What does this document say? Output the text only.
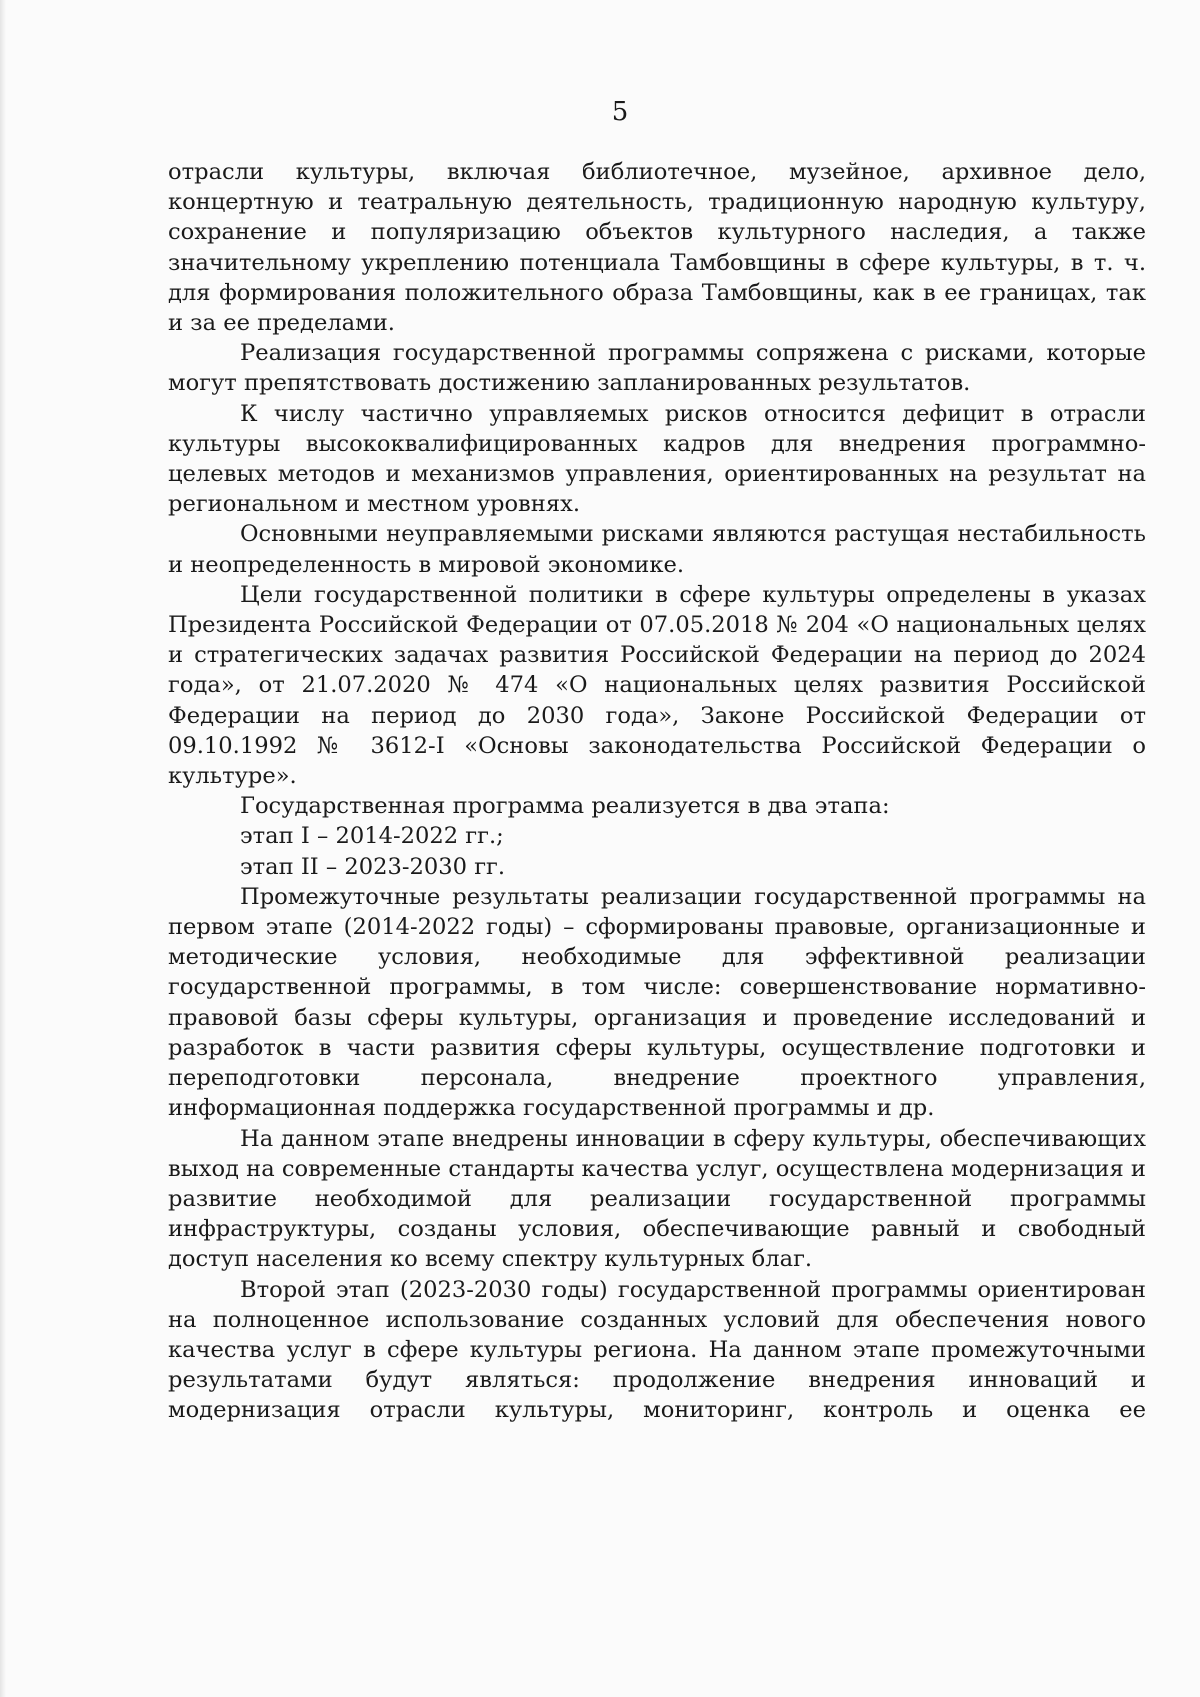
5

отрасли культуры, включая библиотечное, музейное, архивное дело, концертную и театральную деятельность, традиционную народную культуру, сохранение и популяризацию объектов культурного наследия, а также значительному укреплению потенциала Тамбовщины в сфере культуры, в т. ч. для формирования положительного образа Тамбовщины, как в ее границах, так и за ее пределами.

Реализация государственной программы сопряжена с рисками, которые могут препятствовать достижению запланированных результатов.

К числу частично управляемых рисков относится дефицит в отрасли культуры высококвалифицированных кадров для внедрения программно-целевых методов и механизмов управления, ориентированных на результат на региональном и местном уровнях.

Основными неуправляемыми рисками являются растущая нестабильность и неопределенность в мировой экономике.

Цели государственной политики в сфере культуры определены в указах Президента Российской Федерации от 07.05.2018 № 204 «О национальных целях и стратегических задачах развития Российской Федерации на период до 2024 года», от 21.07.2020 № 474 «О национальных целях развития Российской Федерации на период до 2030 года», Законе Российской Федерации от 09.10.1992 № 3612-I «Основы законодательства Российской Федерации о культуре».

Государственная программа реализуется в два этапа:

этап I – 2014-2022 гг.;

этап II – 2023-2030 гг.

Промежуточные результаты реализации государственной программы на первом этапе (2014-2022 годы) – сформированы правовые, организационные и методические условия, необходимые для эффективной реализации государственной программы, в том числе: совершенствование нормативно-правовой базы сферы культуры, организация и проведение исследований и разработок в части развития сферы культуры, осуществление подготовки и переподготовки персонала, внедрение проектного управления, информационная поддержка государственной программы и др.

На данном этапе внедрены инновации в сферу культуры, обеспечивающих выход на современные стандарты качества услуг, осуществлена модернизация и развитие необходимой для реализации государственной программы инфраструктуры, созданы условия, обеспечивающие равный и свободный доступ населения ко всему спектру культурных благ.

Второй этап (2023-2030 годы) государственной программы ориентирован на полноценное использование созданных условий для обеспечения нового качества услуг в сфере культуры региона. На данном этапе промежуточными результатами будут являться: продолжение внедрения инноваций и модернизация отрасли культуры, мониторинг, контроль и оценка ее
